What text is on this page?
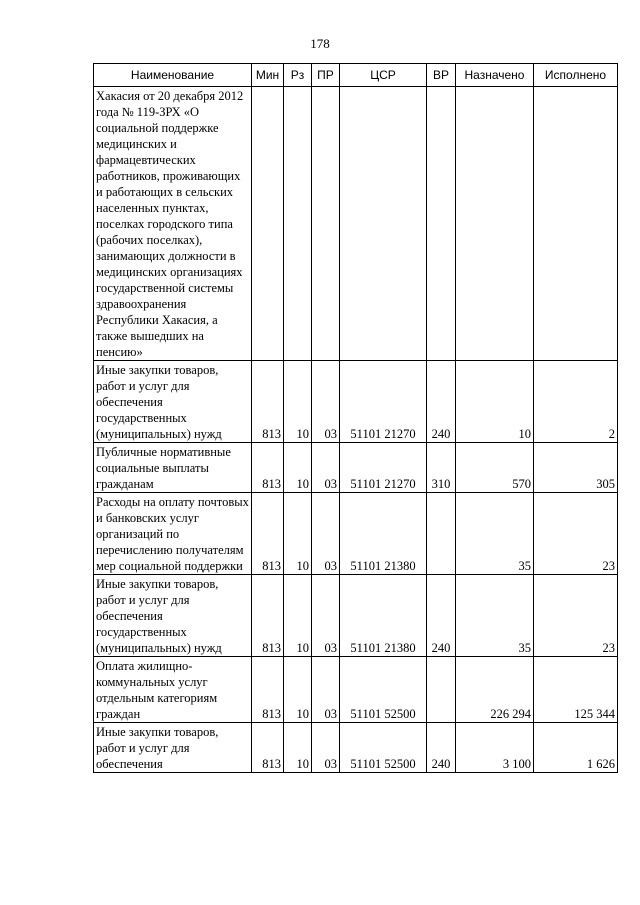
178
Наименование	Мин	Рз	ПР	ЦСР	ВР	Назначено	Исполнено
Хакасия от 20 декабря 2012 года № 119-ЗРХ «О социальной поддержке медицинских и фармацевтических работников, проживающих и работающих в сельских населенных пунктах, поселках городского типа (рабочих поселках), занимающих должности в медицинских организациях государственной системы здравоохранения Республики Хакасия, а также вышедших на пенсию»							
Иные закупки товаров, работ и услуг для обеспечения государственных (муниципальных) нужд	813	10	03	51101 21270	240	10	2
Публичные нормативные социальные выплаты гражданам	813	10	03	51101 21270	310	570	305
Расходы на оплату почтовых и банковских услуг организаций по перечислению получателям мер социальной поддержки	813	10	03	51101 21380		35	23
Иные закупки товаров, работ и услуг для обеспечения государственных (муниципальных) нужд	813	10	03	51101 21380	240	35	23
Оплата жилищно-коммунальных услуг отдельным категориям граждан	813	10	03	51101 52500		226 294	125 344
Иные закупки товаров, работ и услуг для обеспечения	813	10	03	51101 52500	240	3 100	1 626
